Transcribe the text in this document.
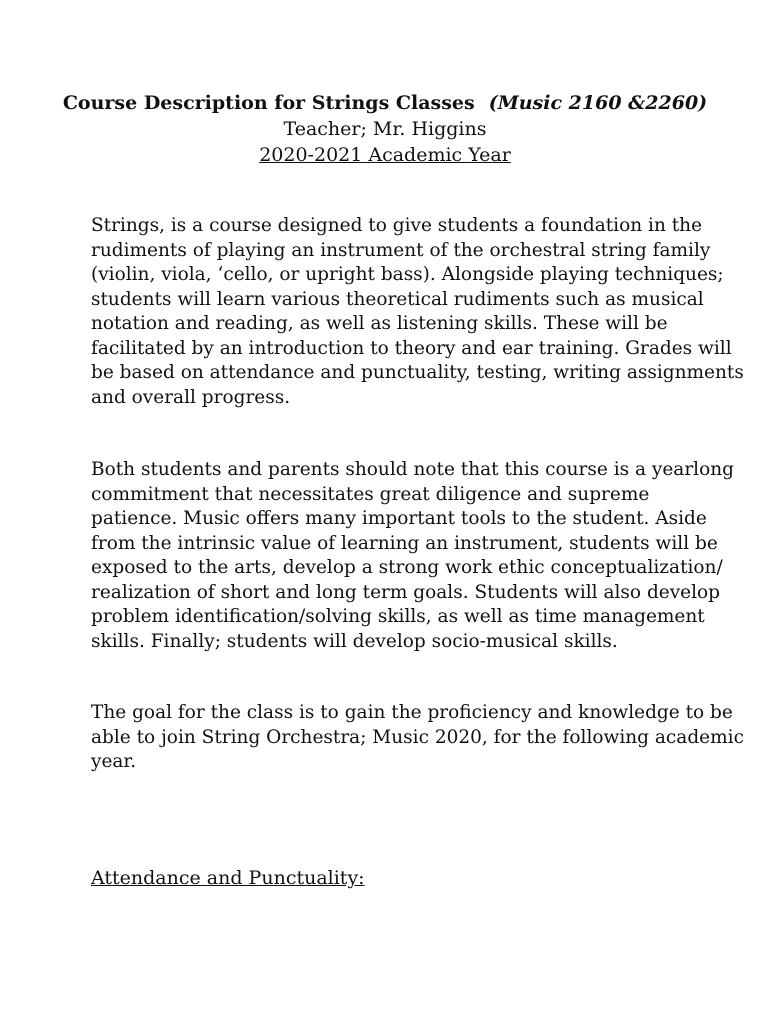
Course Description for Strings Classes (Music 2160 &2260)
Teacher; Mr. Higgins
2020-2021 Academic Year

Strings, is a course designed to give students a foundation in the
rudiments of playing an instrument of the orchestral string family
(violin, viola, ‘cello, or upright bass). Alongside playing techniques;
students will learn various theoretical rudiments such as musical
notation and reading, as well as listening skills. These will be
facilitated by an introduction to theory and ear training. Grades will
be based on attendance and punctuality, testing, writing assignments
and overall progress.

Both students and parents should note that this course is a yearlong
commitment that necessitates great diligence and supreme
patience. Music offers many important tools to the student. Aside
from the intrinsic value of learning an instrument, students will be
exposed to the arts, develop a strong work ethic conceptualization/
realization of short and long term goals. Students will also develop
problem identification/solving skills, as well as time management
skills. Finally; students will develop socio-musical skills.

The goal for the class is to gain the proficiency and knowledge to be
able to join String Orchestra; Music 2020, for the following academic
year.

Attendance and Punctuality:
